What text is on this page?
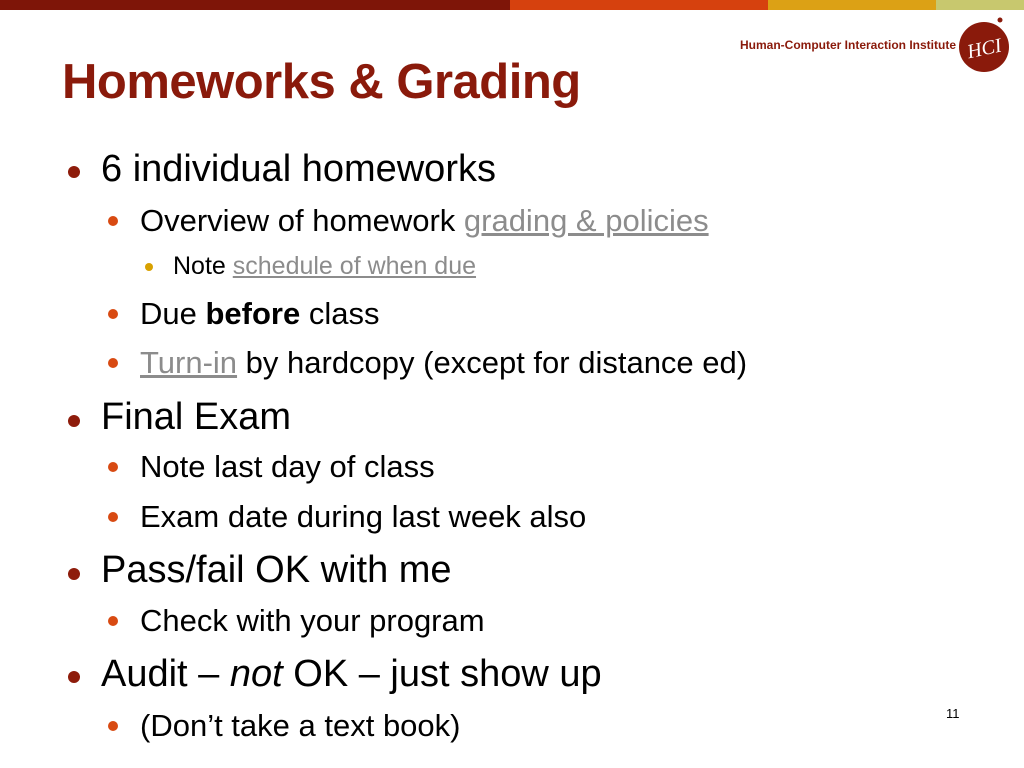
Human-Computer Interaction Institute HCI
Homeworks & Grading
6 individual homeworks
Overview of homework grading & policies
Note schedule of when due
Due before class
Turn-in by hardcopy (except for distance ed)
Final Exam
Note last day of class
Exam date during last week also
Pass/fail OK with me
Check with your program
Audit – not OK – just show up
(Don’t take a text book)	11
